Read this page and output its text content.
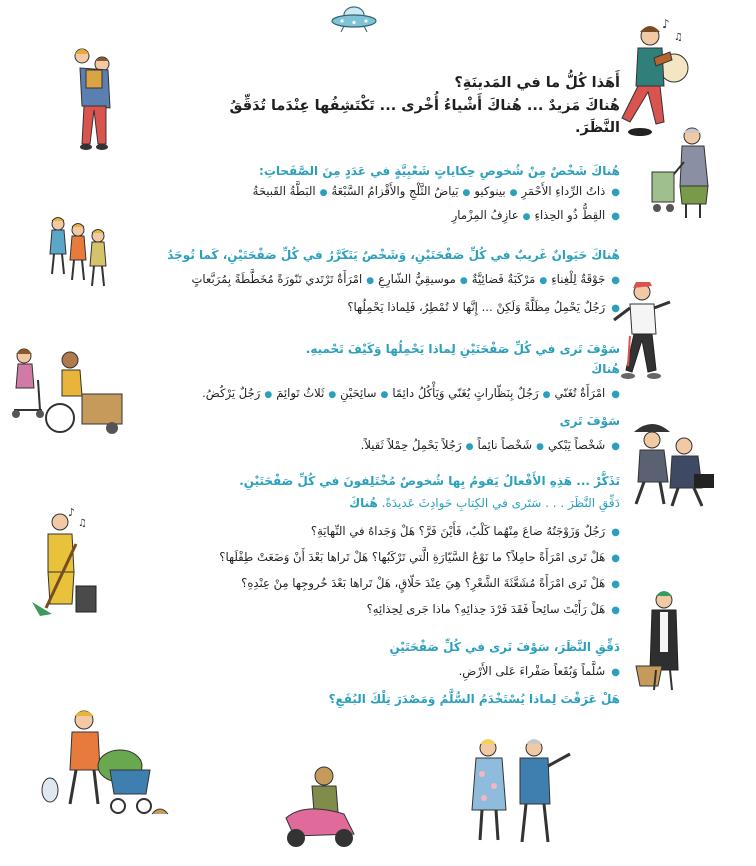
♪
♫
♪
♫
أَهَذا كُلُّ ما في المَدينَةِ؟
هُناكَ مَزيدٌ ... هُناكَ أَشْياءُ أُخْرى ... تَكْتَشِفُها عِنْدَما تُدَقِّقُ النَّظَرَ.
هُناكَ شَخْصٌ مِنْ شُخوصِ حِكاياتٍ شَعْبِيَّةٍ في عَدَدٍ مِنَ الصَّفَحاتِ:
●ذاتُ الرِّداءِ الأَحْمَرِ●بينوكيو●بَياضُ الثَّلْجِ والأَقْزامُ السَّبْعَةُ●البَطَّةُ القَبيحَةُ
●القِطُّ ذُو الحِذاءِ●عازِفُ المِزْمارِ
هُناكَ حَيَوانٌ غَريبٌ في كُلِّ صَفْحَتَيْنِ، وَشَخْصٌ يَتَكَرَّرُ في كُلِّ صَفْحَتَيْنِ، كَما تُوجَدُ
●جَوْقَةٌ لِلْغِناءِ●مَرْكَبَةٌ فَضائِيَّةٌ●موسيقِيُّ الشّارِعِ●امْرَأَةٌ تَرْتَدي تَنّورَةً مُخَطَّطَةً بِمُرَبَّعاتٍ
●رَجُلٌ يَحْمِلُ مِظَلَّةً وَلَكِنْ ... إِنَّها لا تُمْطِرُ، فَلِماذا يَحْمِلُها؟
سَوْفَ تَرى في كُلِّ صَفْحَتَيْنِ لِماذا يَحْمِلُها وَكَيْفَ تَحْميهِ.
هُناكَ
●امْرَأَةٌ تُغَنّي●رَجُلٌ بِنَظّاراتٍ يُغَنّي وَيَأْكُلُ دائِمًا●سائِحَيْنِ●ثَلاثُ تَوائِمَ●رَجُلٌ يَرْكُضُ.
سَوْفَ تَرى
●شَخْصاً يَبْكي●شَخْصاً نائِماً●رَجُلاً يَحْمِلُ حِمْلاً ثَقيلاً.
تَذَكَّرْ ... هَذِهِ الأَفْعالُ يَقومُ بِها شُخوصٌ مُخْتَلِفونَ في كُلِّ صَفْحَتَيْنِ.
دَقِّقِ النَّظَرَ . . . سَتَرى في الكِتابِ حَوادِثَ عَديدَةً. هُناكَ
●رَجُلٌ وَزَوْجَتُهُ ضاعَ مِنْهُما كَلْبٌ، فَأَيْنَ فَرَّ؟ هَلْ وَجَداهُ في النِّهايَةِ؟
●هَلْ تَرى امْرَأَةً حامِلاً؟ ما نَوْعُ السَّيّارَةِ الَّتي تَرْكَبُها؟ هَلْ تَراها بَعْدَ أَنْ وَضَعَتْ طِفْلَها؟
●هَلْ تَرى امْرَأَةً مُشَعَّثَةَ الشَّعْرِ؟ هِيَ عِنْدَ حَلّاقٍ، هَلْ تَراها بَعْدَ خُروجِها مِنْ عِنْدِهِ؟
●هَلْ رَأَيْتَ سائِحاً فَقَدَ فَرْدَ حِذائِهِ؟ ماذا جَرى لِحِذائِهِ؟
دَقِّقِ النَّظَرَ، سَوْفَ تَرى في كُلِّ صَفْحَتَيْنِ
●سُلَّماً وَبُقَعاً صَفْراءَ عَلى الأَرْضِ.
هَلْ عَرَفْتَ لِماذا يُسْتَخْدَمُ السُّلَّمُ وَمَصْدَرَ تِلْكَ البُقَعِ؟
